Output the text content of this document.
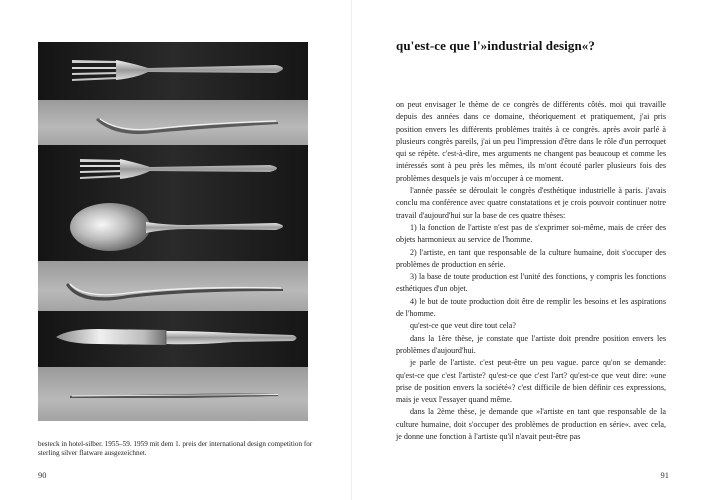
besteck in hotel-silber. 1955–59. 1959 mit dem 1. preis der international design competition for sterling silver flatware ausgezeichnet.
90
qu'est-ce que l'»industrial design«?

on peut envisager le thème de ce congrès de différents côtés. moi qui travaille depuis des années dans ce domaine, théoriquement et pratiquement, j'ai pris position envers les différents problèmes traités à ce congrès. après avoir parlé à plusieurs congrès pareils, j'ai un peu l'impression d'être dans le rôle d'un perroquet qui se répète. c'est-à-dire, mes arguments ne changent pas beaucoup et comme les intéressés sont à peu près les mêmes, ils m'ont écouté parler plusieurs fois des problèmes desquels je vais m'occuper à ce moment.

l'année passée se déroulait le congrès d'esthétique industrielle à paris. j'avais conclu ma conférence avec quatre constatations et je crois pouvoir continuer notre travail d'aujourd'hui sur la base de ces quatre thèses:

1) la fonction de l'artiste n'est pas de s'exprimer soi-même, mais de créer des objets harmonieux au service de l'homme.

2) l'artiste, en tant que responsable de la culture humaine, doit s'occuper des problèmes de production en série.

3) la base de toute production est l'unité des fonctions, y compris les fonctions esthétiques d'un objet.

4) le but de toute production doit être de remplir les besoins et les aspirations de l'homme.

qu'est-ce que veut dire tout cela?

dans la 1ère thèse, je constate que l'artiste doit prendre position envers les problèmes d'aujourd'hui.

je parle de l'artiste. c'est peut-être un peu vague. parce qu'on se demande: qu'est-ce que c'est l'artiste? qu'est-ce que c'est l'art? qu'est-ce que veut dire: »une prise de position envers la société«? c'est difficile de bien définir ces expressions, mais je veux l'essayer quand même.

dans la 2ème thèse, je demande que »l'artiste en tant que responsable de la culture humaine, doit s'occuper des problèmes de production en série«. avec cela, je donne une fonction à l'artiste qu'il n'avait peut-être pas

91
